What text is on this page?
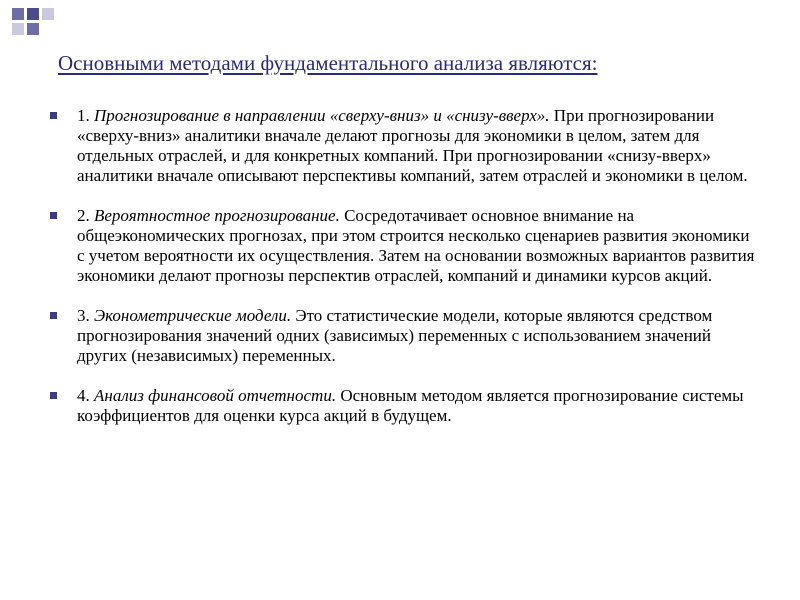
Основными методами фундаментального анализа являются:
1. Прогнозирование в направлении «сверху-вниз» и «снизу-вверх». При прогнозировании «сверху-вниз» аналитики вначале делают прогнозы для экономики в целом, затем для отдельных отраслей, и для конкретных компаний. При прогнозировании «снизу-вверх» аналитики вначале описывают перспективы компаний, затем отраслей и экономики в целом.
2. Вероятностное прогнозирование. Сосредотачивает основное внимание на общеэкономических прогнозах, при этом строится несколько сценариев развития экономики с учетом вероятности их осуществления. Затем на основании возможных вариантов развития экономики делают прогнозы перспектив отраслей, компаний и динамики курсов акций.
3. Эконометрические модели. Это статистические модели, которые являются средством прогнозирования значений одних (зависимых) переменных с использованием значений других (независимых) переменных.
4. Анализ финансовой отчетности. Основным методом является прогнозирование системы коэффициентов для оценки курса акций в будущем.
